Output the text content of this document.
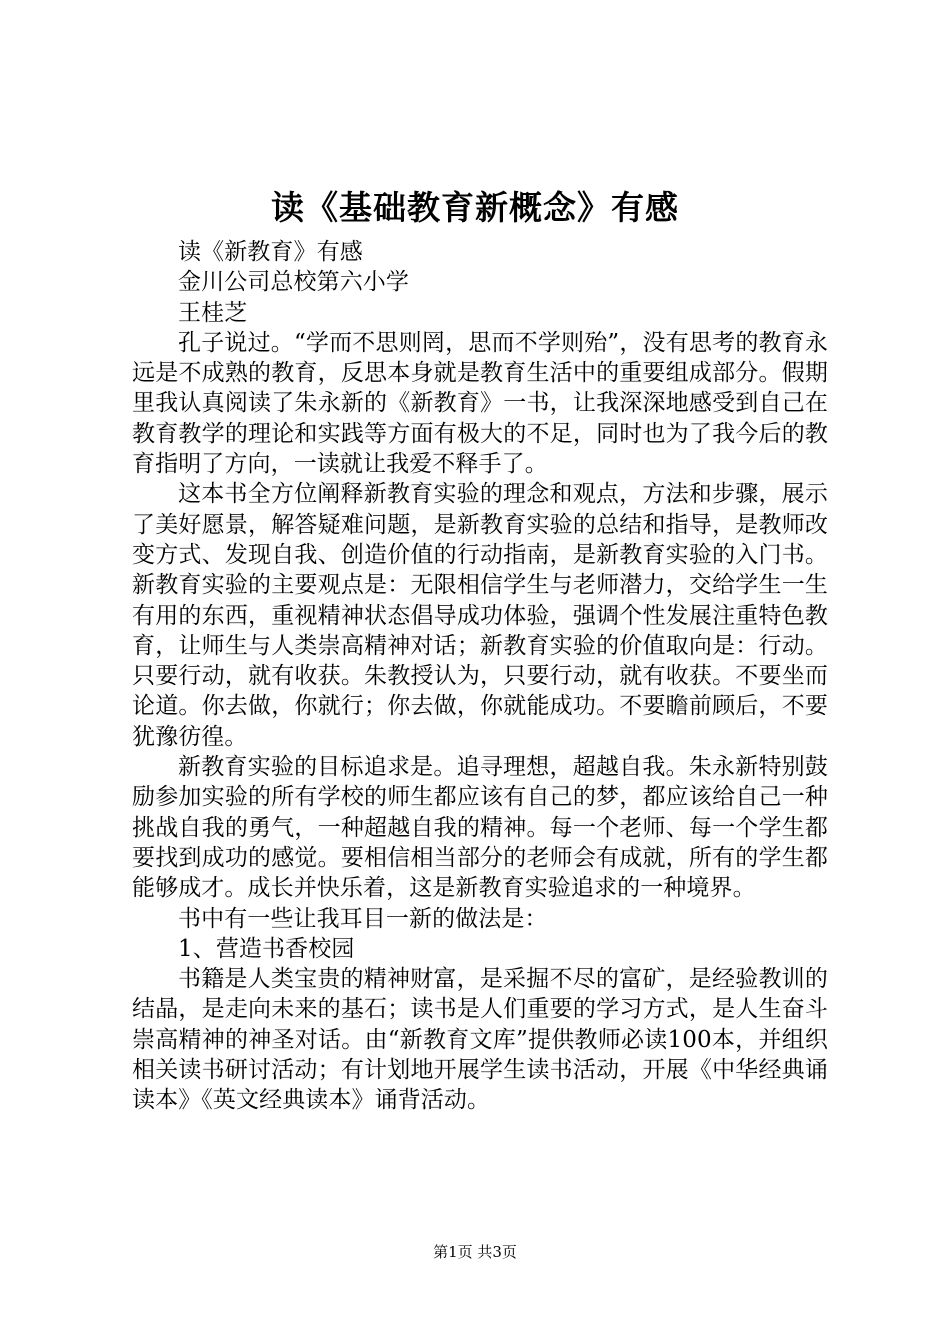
读《基础教育新概念》有感

读《新教育》有感

金川公司总校第六小学

王桂芝

孔子说过。“学而不思则罔，思而不学则殆”，没有思考的教育永远是不成熟的教育，反思本身就是教育生活中的重要组成部分。假期里我认真阅读了朱永新的《新教育》一书，让我深深地感受到自己在教育教学的理论和实践等方面有极大的不足，同时也为了我今后的教育指明了方向，一读就让我爱不释手了。

这本书全方位阐释新教育实验的理念和观点，方法和步骤，展示了美好愿景，解答疑难问题，是新教育实验的总结和指导，是教师改变方式、发现自我、创造价值的行动指南，是新教育实验的入门书。新教育实验的主要观点是：无限相信学生与老师潜力，交给学生一生有用的东西，重视精神状态倡导成功体验，强调个性发展注重特色教育，让师生与人类崇高精神对话；新教育实验的价值取向是：行动。只要行动，就有收获。朱教授认为，只要行动，就有收获。不要坐而论道。你去做，你就行；你去做，你就能成功。不要瞻前顾后，不要犹豫彷徨。

新教育实验的目标追求是。追寻理想，超越自我。朱永新特别鼓励参加实验的所有学校的师生都应该有自己的梦，都应该给自己一种挑战自我的勇气，一种超越自我的精神。每一个老师、每一个学生都要找到成功的感觉。要相信相当部分的老师会有成就，所有的学生都能够成才。成长并快乐着，这是新教育实验追求的一种境界。

书中有一些让我耳目一新的做法是：

1、营造书香校园

书籍是人类宝贵的精神财富，是采掘不尽的富矿，是经验教训的结晶，是走向未来的基石；读书是人们重要的学习方式，是人生奋斗崇高精神的神圣对话。由“新教育文库”提供教师必读100本，并组织相关读书研讨活动；有计划地开展学生读书活动，开展《中华经典诵读本》《英文经典读本》诵背活动。

第1页 共3页
